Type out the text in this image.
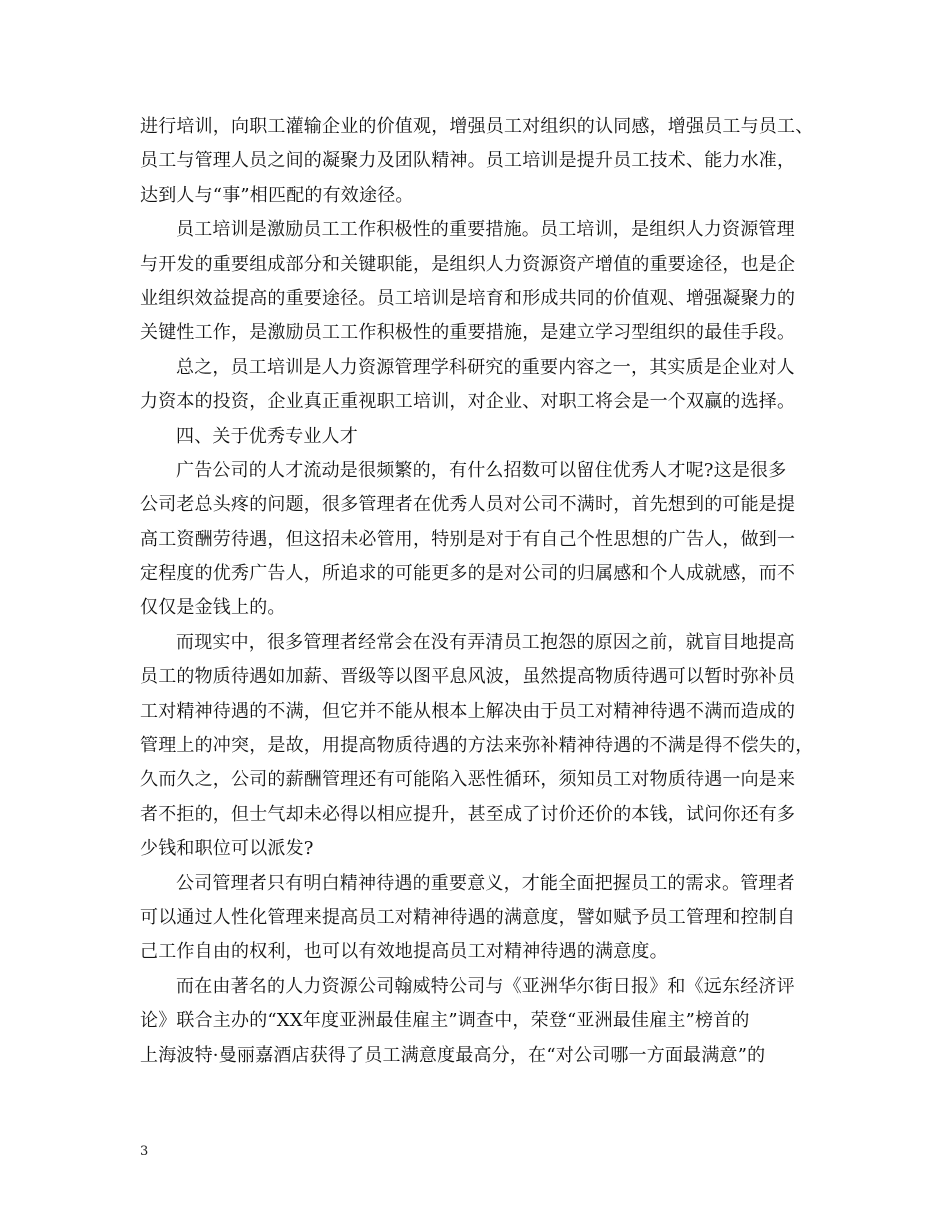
进行培训，向职工灌输企业的价值观，增强员工对组织的认同感，增强员工与员工、
员工与管理人员之间的凝聚力及团队精神。员工培训是提升员工技术、能力水准，
达到人与“事”相匹配的有效途径。
员工培训是激励员工工作积极性的重要措施。员工培训，是组织人力资源管理
与开发的重要组成部分和关键职能，是组织人力资源资产增值的重要途径，也是企
业组织效益提高的重要途径。员工培训是培育和形成共同的价值观、增强凝聚力的
关键性工作，是激励员工工作积极性的重要措施，是建立学习型组织的最佳手段。
总之，员工培训是人力资源管理学科研究的重要内容之一，其实质是企业对人
力资本的投资，企业真正重视职工培训，对企业、对职工将会是一个双赢的选择。
四、关于优秀专业人才
广告公司的人才流动是很频繁的，有什么招数可以留住优秀人才呢?这是很多
公司老总头疼的问题，很多管理者在优秀人员对公司不满时，首先想到的可能是提
高工资酬劳待遇，但这招未必管用，特别是对于有自己个性思想的广告人，做到一
定程度的优秀广告人，所追求的可能更多的是对公司的归属感和个人成就感，而不
仅仅是金钱上的。
而现实中，很多管理者经常会在没有弄清员工抱怨的原因之前，就盲目地提高
员工的物质待遇如加薪、晋级等以图平息风波，虽然提高物质待遇可以暂时弥补员
工对精神待遇的不满，但它并不能从根本上解决由于员工对精神待遇不满而造成的
管理上的冲突，是故，用提高物质待遇的方法来弥补精神待遇的不满是得不偿失的，
久而久之，公司的薪酬管理还有可能陷入恶性循环，须知员工对物质待遇一向是来
者不拒的，但士气却未必得以相应提升，甚至成了讨价还价的本钱，试问你还有多
少钱和职位可以派发?
公司管理者只有明白精神待遇的重要意义，才能全面把握员工的需求。管理者
可以通过人性化管理来提高员工对精神待遇的满意度，譬如赋予员工管理和控制自
己工作自由的权利，也可以有效地提高员工对精神待遇的满意度。
而在由著名的人力资源公司翰威特公司与《亚洲华尔街日报》和《远东经济评
论》联合主办的“XX年度亚洲最佳雇主”调查中，荣登“亚洲最佳雇主”榜首的
上海波特·曼丽嘉酒店获得了员工满意度最高分，在“对公司哪一方面最满意”的
3
